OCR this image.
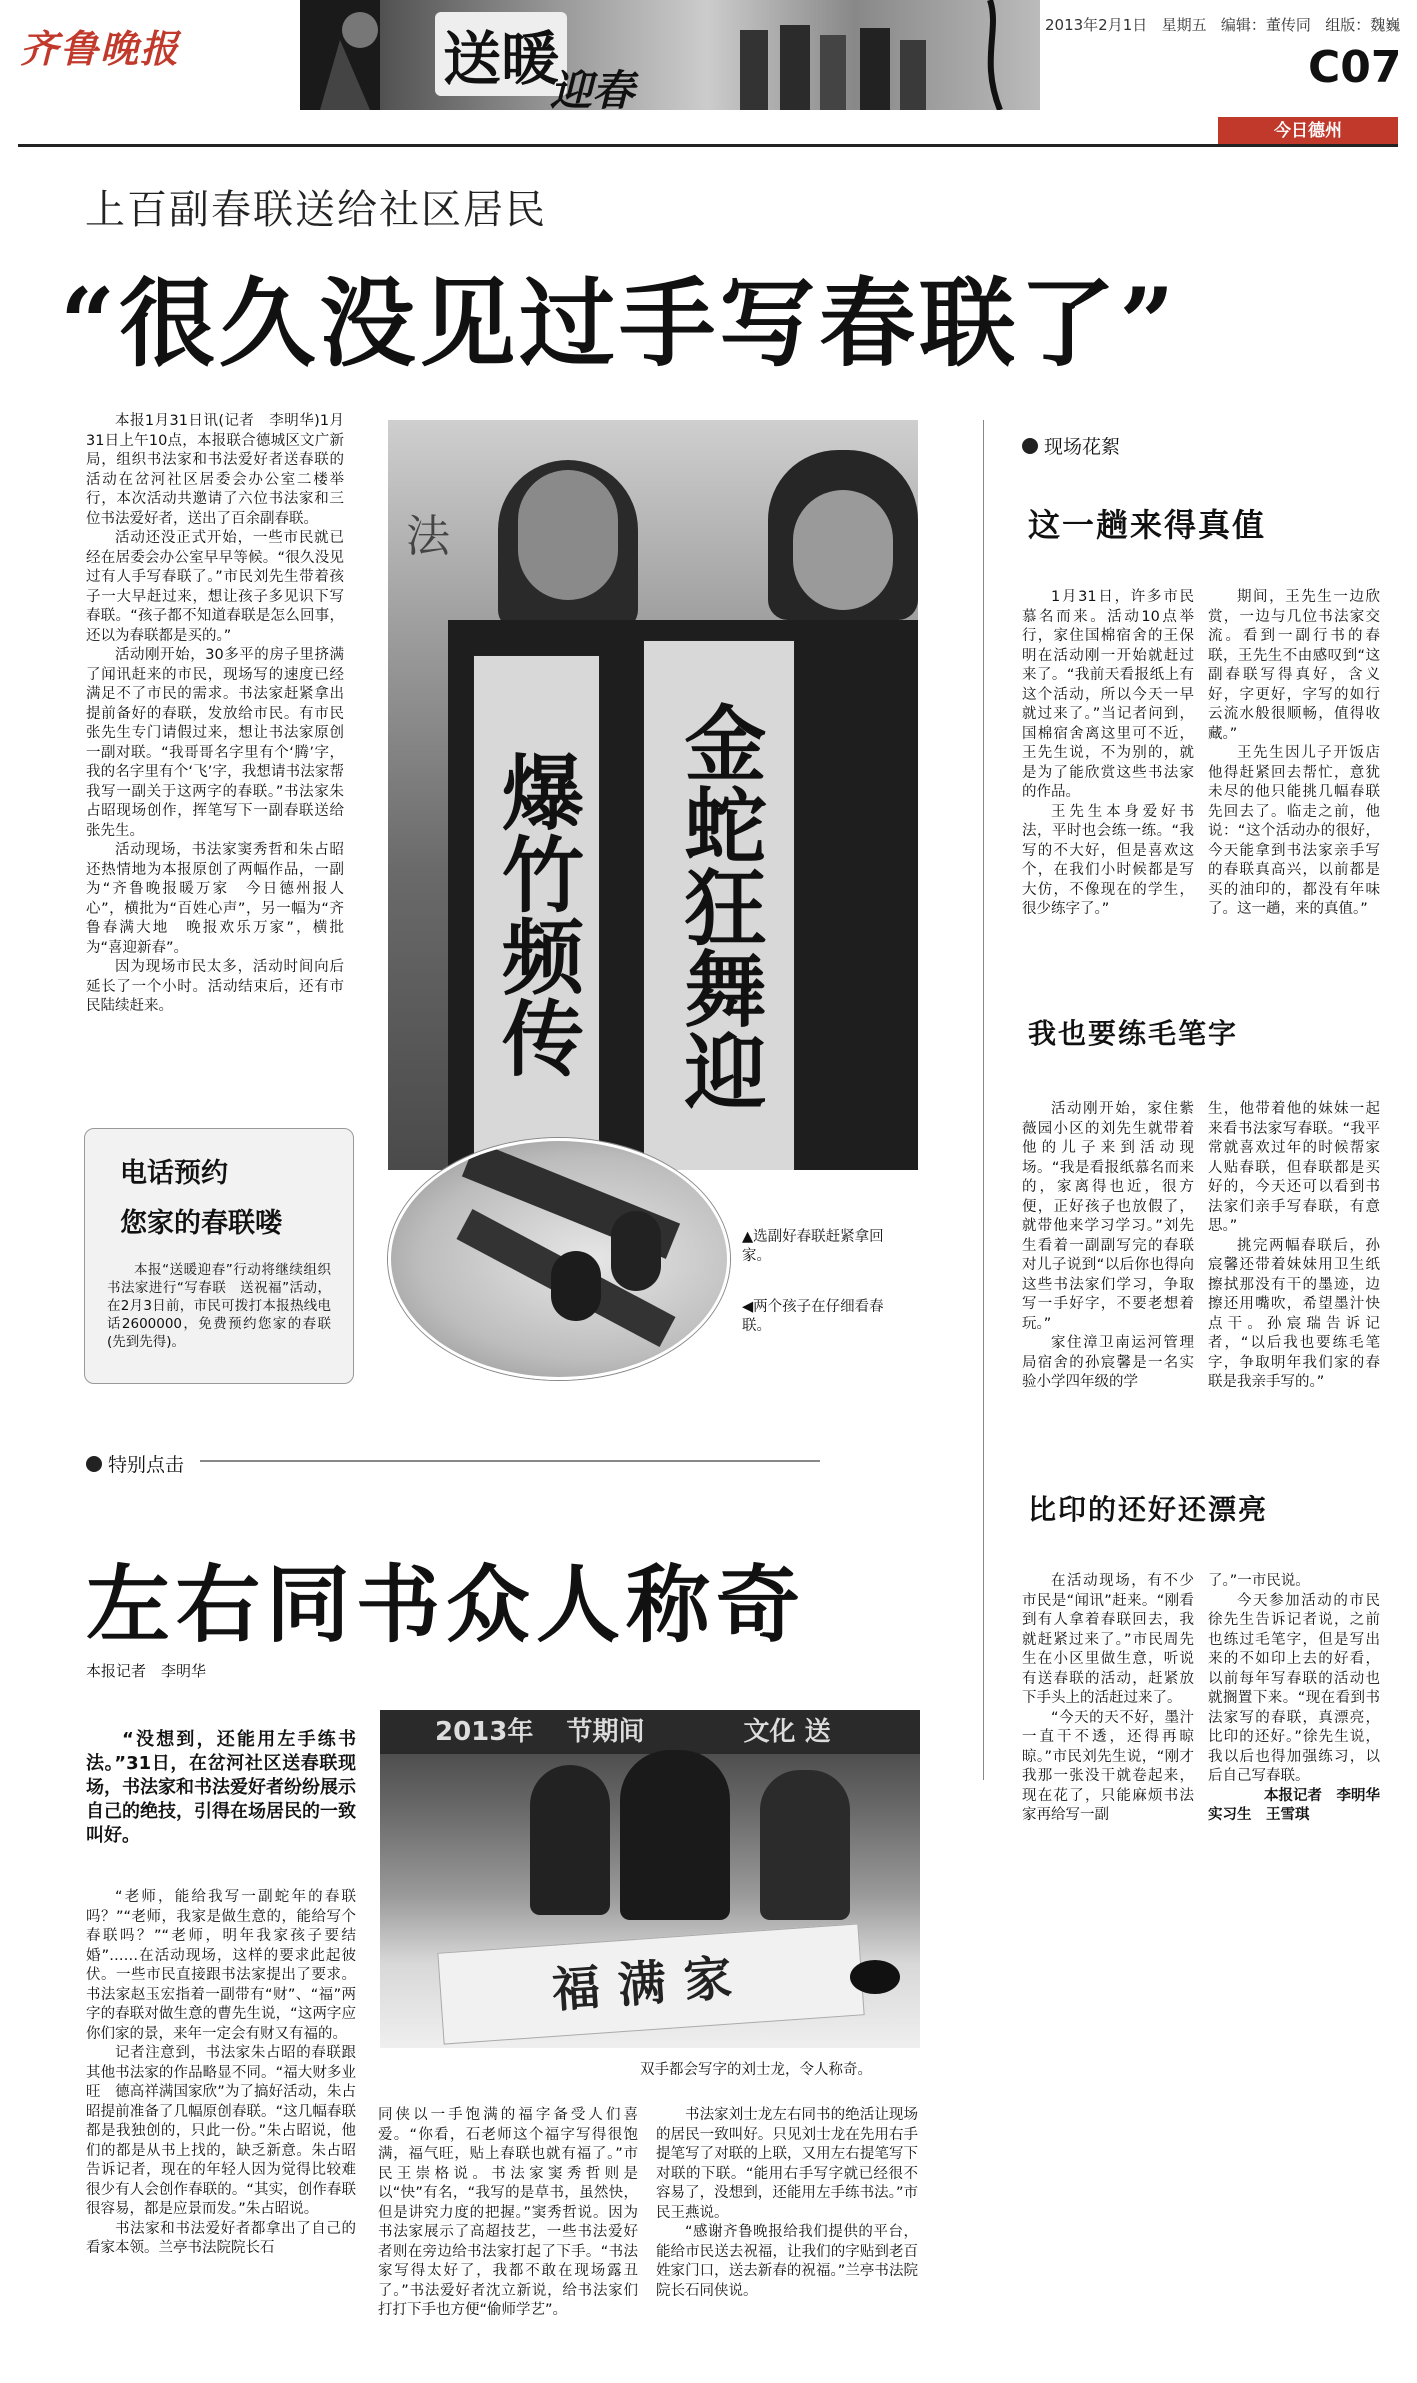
齐鲁晚报	送暖
迎春
2013年2月1日 星期五 编辑：董传同 组版：魏巍
C07
今日德州
上百副春联送给社区居民
“很久没见过手写春联了”

本报1月31日讯(记者　李明华)1月31日上午10点，本报联合德城区文广新局，组织书法家和书法爱好者送春联的活动在岔河社区居委会办公室二楼举行，本次活动共邀请了六位书法家和三位书法爱好者，送出了百余副春联。

活动还没正式开始，一些市民就已经在居委会办公室早早等候。“很久没见过有人手写春联了。”市民刘先生带着孩子一大早赶过来，想让孩子多见识下写春联。“孩子都不知道春联是怎么回事，还以为春联都是买的。”

活动刚开始，30多平的房子里挤满了闻讯赶来的市民，现场写的速度已经满足不了市民的需求。书法家赶紧拿出提前备好的春联，发放给市民。有市民张先生专门请假过来，想让书法家原创一副对联。“我哥哥名字里有个‘腾’字，我的名字里有个‘飞’字，我想请书法家帮我写一副关于这两字的春联。”书法家朱占昭现场创作，挥笔写下一副春联送给张先生。

活动现场，书法家窦秀哲和朱占昭还热情地为本报原创了两幅作品，一副为“齐鲁晚报暖万家　今日德州报人心”，横批为“百姓心声”，另一幅为“齐鲁春满大地　晚报欢乐万家”，横批为“喜迎新春”。

因为现场市民太多，活动时间向后延长了一个小时。活动结束后，还有市民陆续赶来。

电话预约
您家的春联喽

本报“送暖迎春”行动将继续组织书法家进行“写春联　送祝福”活动，在2月3日前，市民可拨打本报热线电话2600000，免费预约您家的春联(先到先得)。

法
爆竹频传 金蛇狂舞迎
▲选副好春联赶紧拿回家。
◀两个孩子在仔细看春联。
现场花絮
这一趟来得真值

1月31日，许多市民慕名而来。活动10点举行，家住国棉宿舍的王保明在活动刚一开始就赶过来了。“我前天看报纸上有这个活动，所以今天一早就过来了。”当记者问到，国棉宿舍离这里可不近，王先生说，不为别的，就是为了能欣赏这些书法家的作品。

王先生本身爱好书法，平时也会练一练。“我写的不大好，但是喜欢这个，在我们小时候都是写大仿，不像现在的学生，很少练字了。”

期间，王先生一边欣赏，一边与几位书法家交流。看到一副行书的春联，王先生不由感叹到“这副春联写得真好，含义好，字更好，字写的如行云流水般很顺畅，值得收藏。”

王先生因儿子开饭店他得赶紧回去帮忙，意犹未尽的他只能挑几幅春联先回去了。临走之前，他说：“这个活动办的很好，今天能拿到书法家亲手写的春联真高兴，以前都是买的油印的，都没有年味了。这一趟，来的真值。”

我也要练毛笔字

活动刚开始，家住紫薇园小区的刘先生就带着他的儿子来到活动现场。“我是看报纸慕名而来的，家离得也近，很方便，正好孩子也放假了，就带他来学习学习。”刘先生看着一副副写完的春联对儿子说到“以后你也得向这些书法家们学习，争取写一手好字，不要老想着玩。”

家住漳卫南运河管理局宿舍的孙宸馨是一名实验小学四年级的学

生，他带着他的妹妹一起来看书法家写春联。“我平常就喜欢过年的时候帮家人贴春联，但春联都是买好的，今天还可以看到书法家们亲手写春联，有意思。”

挑完两幅春联后，孙宸馨还带着妹妹用卫生纸擦拭那没有干的墨迹，边擦还用嘴吹，希望墨汁快点干。孙宸瑞告诉记者，“以后我也要练毛笔字，争取明年我们家的春联是我亲手写的。”

比印的还好还漂亮

在活动现场，有不少市民是“闻讯”赶来。“刚看到有人拿着春联回去，我就赶紧过来了。”市民周先生在小区里做生意，听说有送春联的活动，赶紧放下手头上的活赶过来了。

“今天的天不好，墨汁一直干不透，还得再晾晾。”市民刘先生说，“刚才我那一张没干就卷起来，现在花了，只能麻烦书法家再给写一副

了。”一市民说。

今天参加活动的市民徐先生告诉记者说，之前也练过毛笔字，但是写出来的不如印上去的好看，以前每年写春联的活动也就搁置下来。“现在看到书法家写的春联，真漂亮，比印的还好。”徐先生说，我以后也得加强练习，以后自己写春联。

本报记者　李明华
实习生　王雪琪
特别点击
左右同书众人称奇
本报记者　李明华
“没想到，还能用左手练书法。”31日，在岔河社区送春联现场，书法家和书法爱好者纷纷展示自己的绝技，引得在场居民的一致叫好。

“老师，能给我写一副蛇年的春联吗？”“老师，我家是做生意的，能给写个春联吗？”“老师，明年我家孩子要结婚”……在活动现场，这样的要求此起彼伏。一些市民直接跟书法家提出了要求。书法家赵玉宏指着一副带有“财”、“福”两字的春联对做生意的曹先生说，“这两字应你们家的景，来年一定会有财又有福的。

记者注意到，书法家朱占昭的春联跟其他书法家的作品略显不同。“福大财多业旺　德高祥满国家欣”为了搞好活动，朱占昭提前准备了几幅原创春联。“这几幅春联都是我独创的，只此一份。”朱占昭说，他们的都是从书上找的，缺乏新意。朱占昭告诉记者，现在的年轻人因为觉得比较难很少有人会创作春联的。“其实，创作春联很容易，都是应景而发。”朱占昭说。

书法家和书法爱好者都拿出了自己的看家本领。兰亭书法院院长石

2013年 节期间	文化 送
福满家
双手都会写字的刘士龙，令人称奇。

同侠以一手饱满的福字备受人们喜爱。“你看，石老师这个福字写得很饱满，福气旺，贴上春联也就有福了。”市民王崇格说。书法家窦秀哲则是以“快”有名，“我写的是草书，虽然快，但是讲究力度的把握。”窦秀哲说。因为书法家展示了高超技艺，一些书法爱好者则在旁边给书法家打起了下手。“书法家写得太好了，我都不敢在现场露丑了。”书法爱好者沈立新说，给书法家们打打下手也方便“偷师学艺”。

书法家刘士龙左右同书的绝活让现场的居民一致叫好。只见刘士龙在先用右手提笔写了对联的上联，又用左右提笔写下对联的下联。“能用右手写字就已经很不容易了，没想到，还能用左手练书法。”市民王燕说。

“感谢齐鲁晚报给我们提供的平台，能给市民送去祝福，让我们的字贴到老百姓家门口，送去新春的祝福。”兰亭书法院院长石同侠说。
